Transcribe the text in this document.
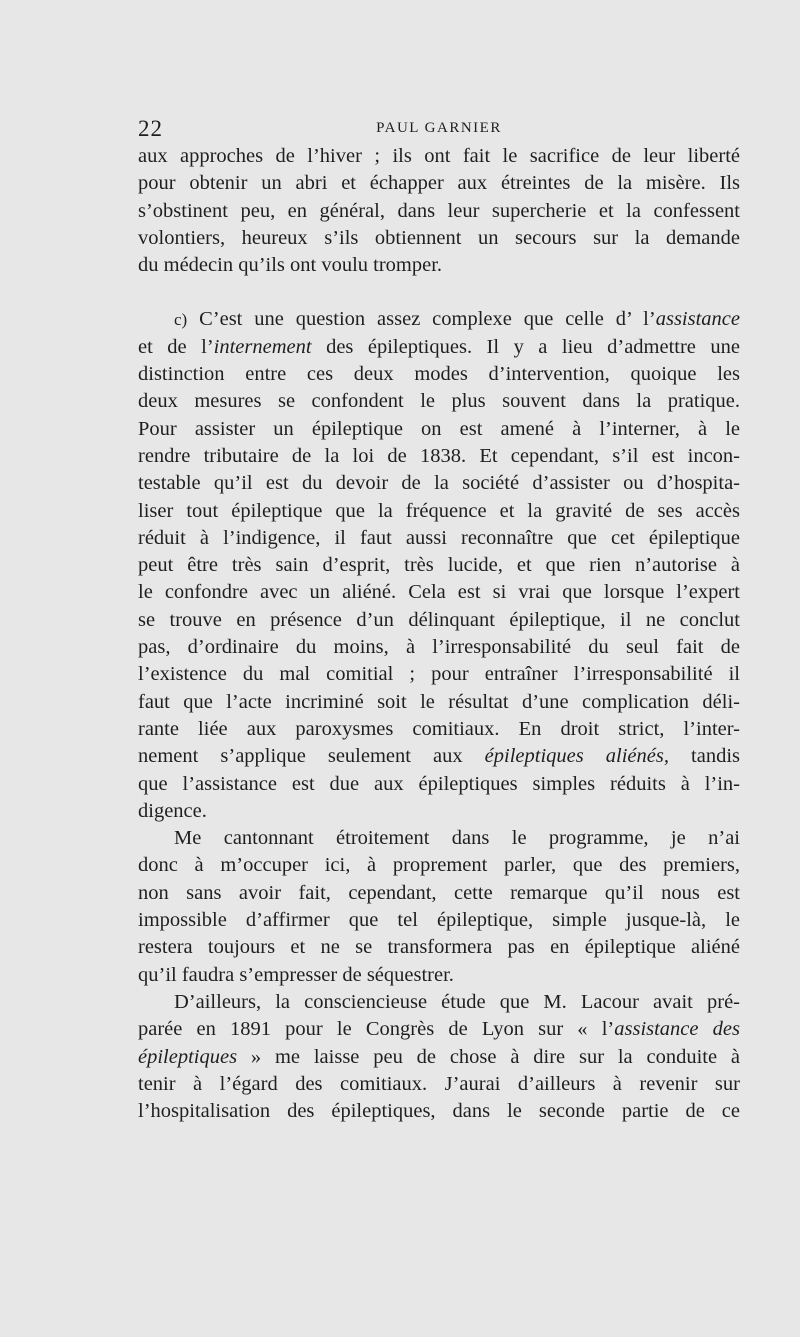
22	PAUL GARNIER
aux approches de l’hiver ; ils ont fait le sacrifice de leur liberté
pour obtenir un abri et échapper aux étreintes de la misère. Ils
s’obstinent peu, en général, dans leur supercherie et la confessent
volontiers, heureux s’ils obtiennent un secours sur la demande
du médecin qu’ils ont voulu tromper.
c) C’est une question assez complexe que celle d’ l’assistance
et de l’internement des épileptiques. Il y a lieu d’admettre une
distinction entre ces deux modes d’intervention, quoique les
deux mesures se confondent le plus souvent dans la pratique.
Pour assister un épileptique on est amené à l’interner, à le
rendre tributaire de la loi de 1838. Et cependant, s’il est incon-
testable qu’il est du devoir de la société d’assister ou d’hospita-
liser tout épileptique que la fréquence et la gravité de ses accès
réduit à l’indigence, il faut aussi reconnaître que cet épileptique
peut être très sain d’esprit, très lucide, et que rien n’autorise à
le confondre avec un aliéné. Cela est si vrai que lorsque l’expert
se trouve en présence d’un délinquant épileptique, il ne conclut
pas, d’ordinaire du moins, à l’irresponsabilité du seul fait de
l’existence du mal comitial ; pour entraîner l’irresponsabilité il
faut que l’acte incriminé soit le résultat d’une complication déli-
rante liée aux paroxysmes comitiaux. En droit strict, l’inter-
nement s’applique seulement aux épileptiques aliénés, tandis
que l’assistance est due aux épileptiques simples réduits à l’in-
digence.
Me cantonnant étroitement dans le programme, je n’ai
donc à m’occuper ici, à proprement parler, que des premiers,
non sans avoir fait, cependant, cette remarque qu’il nous est
impossible d’affirmer que tel épileptique, simple jusque-là, le
restera toujours et ne se transformera pas en épileptique aliéné
qu’il faudra s’empresser de séquestrer.
D’ailleurs, la consciencieuse étude que M. Lacour avait pré-
parée en 1891 pour le Congrès de Lyon sur « l’assistance des
épileptiques » me laisse peu de chose à dire sur la conduite à
tenir à l’égard des comitiaux. J’aurai d’ailleurs à revenir sur
l’hospitalisation des épileptiques, dans le seconde partie de ce
